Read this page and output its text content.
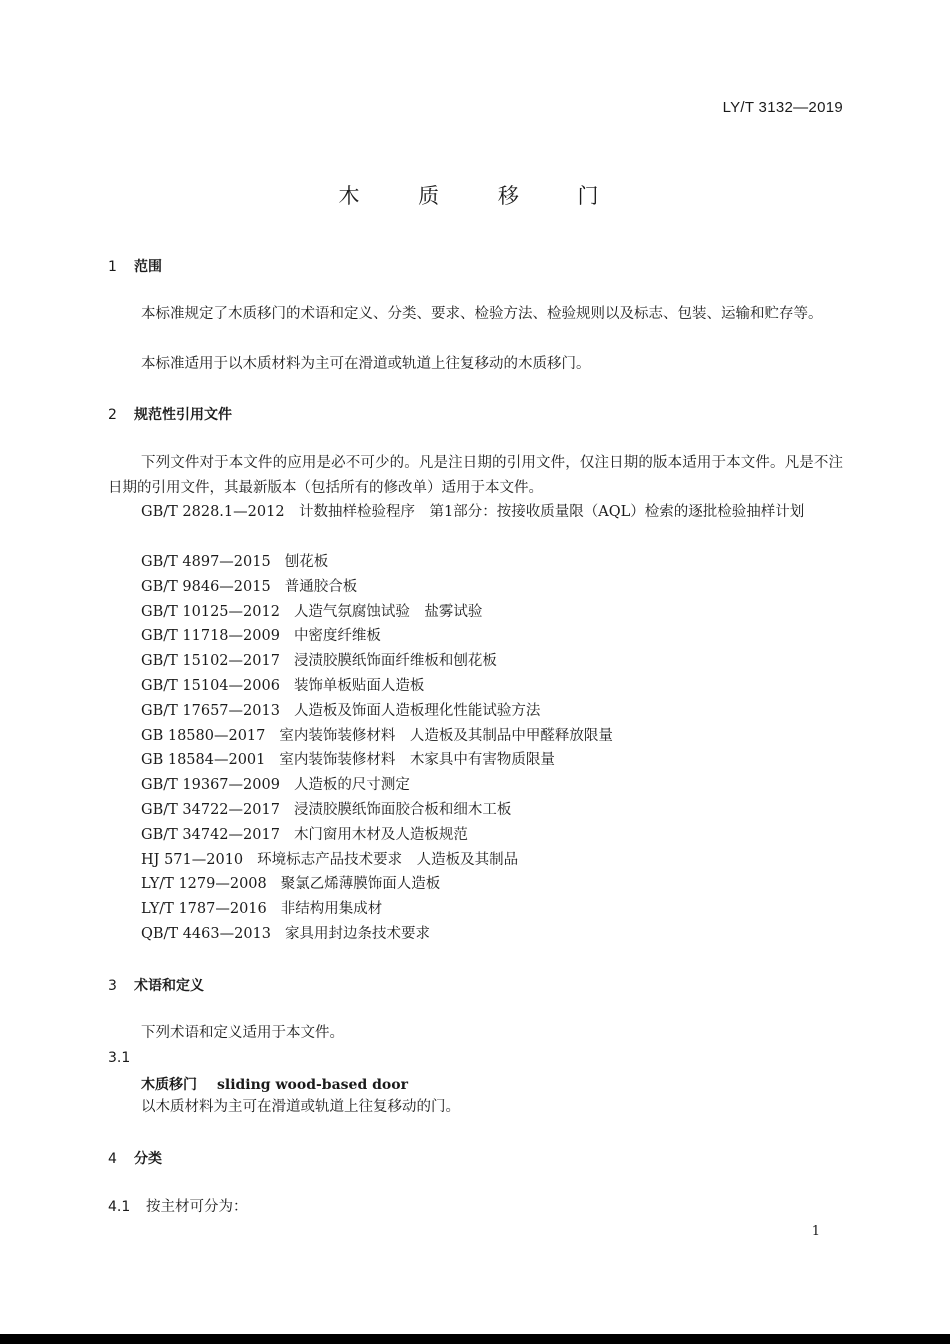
LY/T 3132—2019
木 质 移 门
1 范围
本标准规定了木质移门的术语和定义、分类、要求、检验方法、检验规则以及标志、包装、运输和贮存等。
本标准适用于以木质材料为主可在滑道或轨道上往复移动的木质移门。
2 规范性引用文件
下列文件对于本文件的应用是必不可少的。凡是注日期的引用文件，仅注日期的版本适用于本文件。凡是不注日期的引用文件，其最新版本（包括所有的修改单）适用于本文件。
GB/T 2828.1—2012　计数抽样检验程序　第1部分：按接收质量限（AQL）检索的逐批检验抽样计划
GB/T 4897—2015 刨花板
GB/T 9846—2015 普通胶合板
GB/T 10125—2012 人造气氛腐蚀试验　盐雾试验
GB/T 11718—2009 中密度纤维板
GB/T 15102—2017 浸渍胶膜纸饰面纤维板和刨花板
GB/T 15104—2006 装饰单板贴面人造板
GB/T 17657—2013 人造板及饰面人造板理化性能试验方法
GB 18580—2017 室内装饰装修材料　人造板及其制品中甲醛释放限量
GB 18584—2001 室内装饰装修材料　木家具中有害物质限量
GB/T 19367—2009 人造板的尺寸测定
GB/T 34722—2017 浸渍胶膜纸饰面胶合板和细木工板
GB/T 34742—2017 木门窗用木材及人造板规范
HJ 571—2010 环境标志产品技术要求　人造板及其制品
LY/T 1279—2008 聚氯乙烯薄膜饰面人造板
LY/T 1787—2016 非结构用集成材
QB/T 4463—2013 家具用封边条技术要求
3 术语和定义
下列术语和定义适用于本文件。
3.1
木质移门 sliding wood-based door
以木质材料为主可在滑道或轨道上往复移动的门。
4 分类
4.1 按主材可分为：
1
